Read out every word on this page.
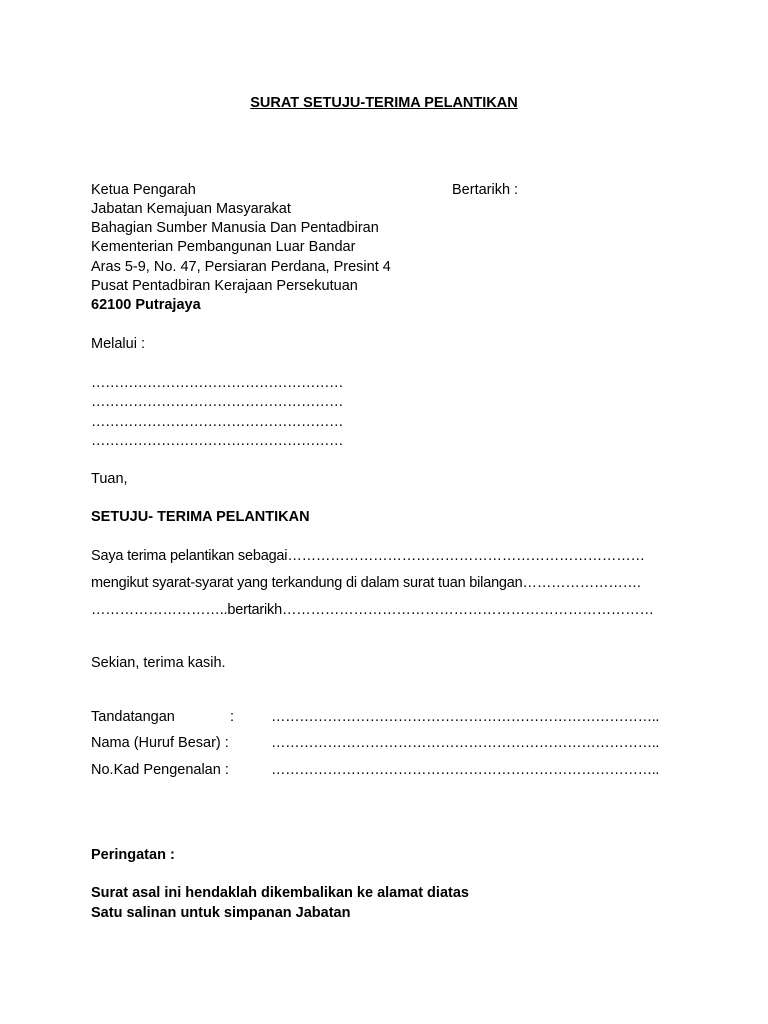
SURAT SETUJU-TERIMA PELANTIKAN
Ketua Pengarah
Jabatan Kemajuan Masyarakat
Bahagian Sumber Manusia Dan Pentadbiran
Kementerian Pembangunan Luar Bandar
Aras 5-9, No. 47, Persiaran Perdana, Presint 4
Pusat Pentadbiran Kerajaan Persekutuan
62100 Putrajaya
Bertarikh :
Melalui :
………………………………………………
………………………………………………
………………………………………………
………………………………………………
Tuan,
SETUJU- TERIMA PELANTIKAN
Saya terima pelantikan sebagai…………………………………………………………………
mengikut syarat-syarat yang terkandung di dalam surat tuan bilangan…………………….
………………………..bertarikh……………………………………………………………………
Sekian, terima kasih.
Tandatangan	:	………………………………………………………………………..
Nama (Huruf Besar) :	………………………………………………………………………..
No.Kad Pengenalan :	………………………………………………………………………..
Peringatan :
Surat asal ini hendaklah dikembalikan ke alamat diatas
Satu salinan untuk simpanan Jabatan
